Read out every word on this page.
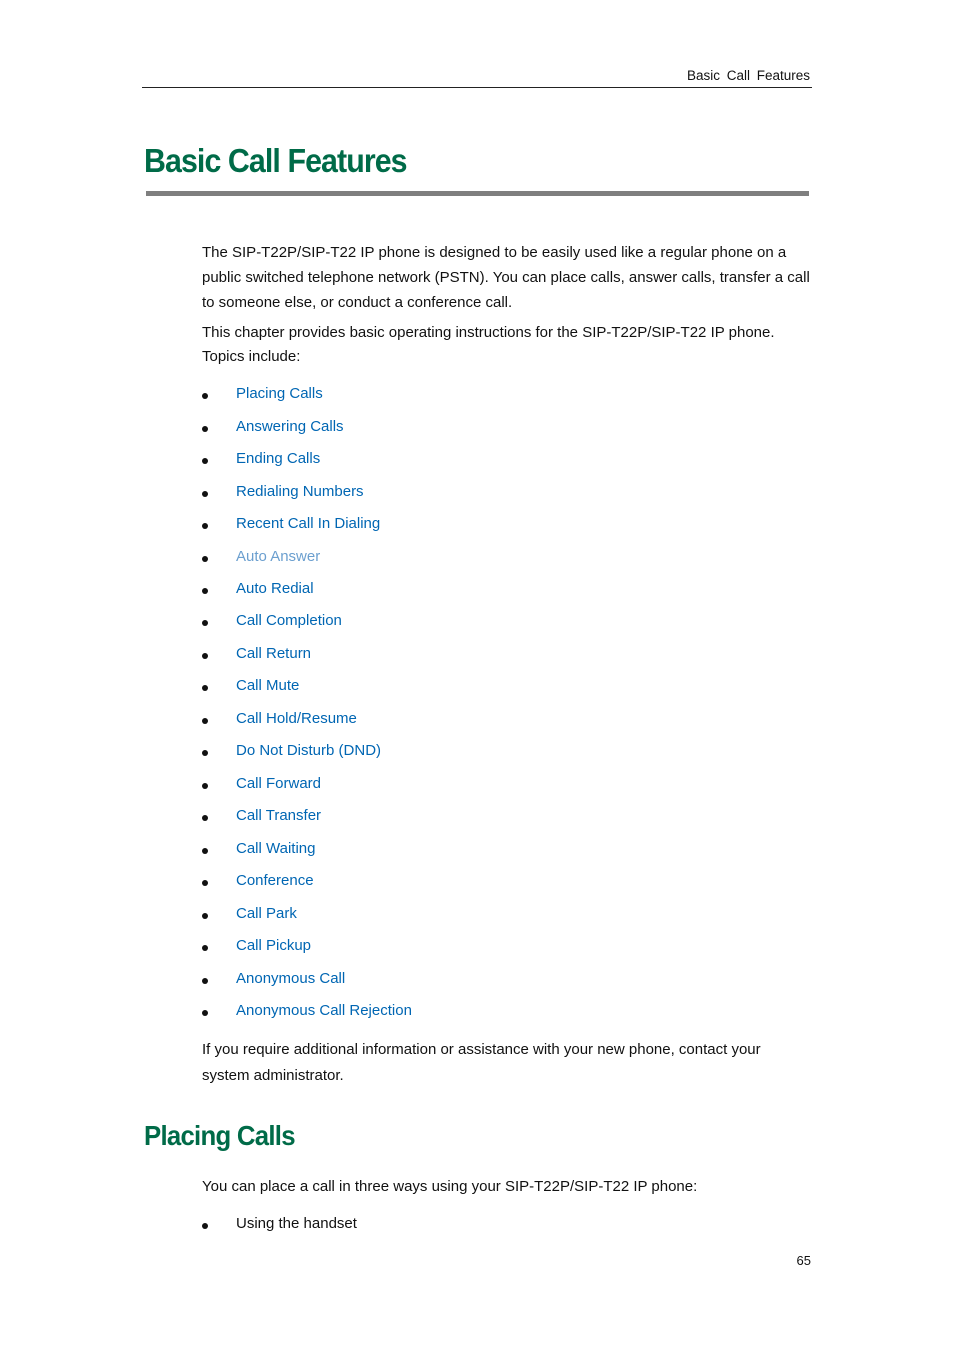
Basic Call Features
Basic Call Features

The SIP-T22P/SIP-T22 IP phone is designed to be easily used like a regular phone on a public switched telephone network (PSTN). You can place calls, answer calls, transfer a call to someone else, or conduct a conference call.

This chapter provides basic operating instructions for the SIP-T22P/SIP-T22 IP phone.
Topics include:

Placing Calls
Answering Calls
Ending Calls
Redialing Numbers
Recent Call In Dialing
Auto Answer
Auto Redial
Call Completion
Call Return
Call Mute
Call Hold/Resume
Do Not Disturb (DND)
Call Forward
Call Transfer
Call Waiting
Conference
Call Park
Call Pickup
Anonymous Call
Anonymous Call Rejection

If you require additional information or assistance with your new phone, contact your system administrator.

Placing Calls

You can place a call in three ways using your SIP-T22P/SIP-T22 IP phone:

Using the handset
65
